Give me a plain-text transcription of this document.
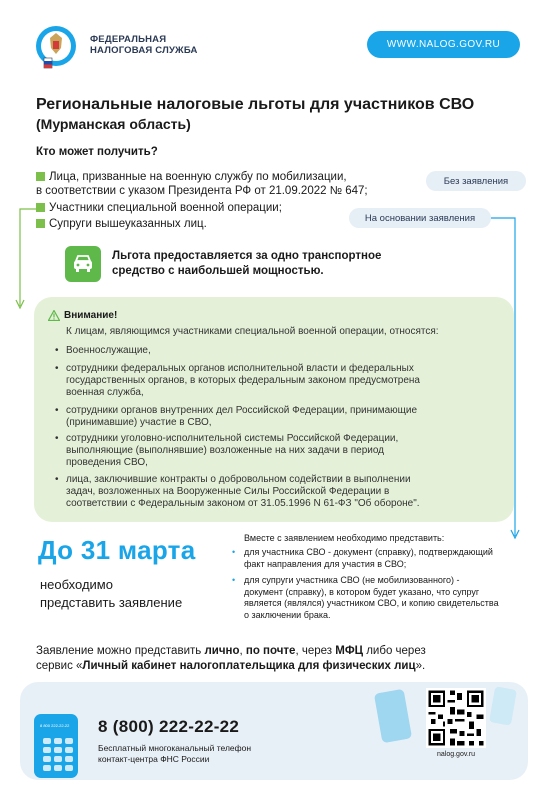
ФЕДЕРАЛЬНАЯ
НАЛОГОВАЯ СЛУЖБА
WWW.NALOG.GOV.RU
Региональные налоговые льготы для участников СВО
(Мурманская область)
Кто может получить?
Лица, призванные на военную службу по мобилизации,
в соответствии с указом Президента РФ от 21.09.2022 № 647;
Участники специальной военной операции;
Супруги вышеуказанных лиц.
Без заявления
На основании заявления
Льгота предоставляется за одно транспортное
средство с наибольшей мощностью.
Внимание!
К лицам, являющимся участниками специальной военной операции, относятся:
• Военнослужащие,
• сотрудники федеральных органов исполнительной власти и федеральных
государственных органов, в которых федеральным законом предусмотрена
военная служба,
• сотрудники органов внутренних дел Российской Федерации, принимающие
(принимавшие) участие в СВО,
• сотрудники уголовно-исполнительной системы Российской Федерации,
выполняющие (выполнявшие) возложенные на них задачи в период
проведения СВО,
• лица, заключившие контракты о добровольном содействии в выполнении
задач, возложенных на Вооруженные Силы Российской Федерации в
соответствии с Федеральным законом от 31.05.1996 N 61-ФЗ "Об обороне".
До 31 марта
необходимо
представить заявление
Вместе с заявлением необходимо представить:
• для участника СВО - документ (справку), подтверждающий
факт направления для участия в СВО;
• для супруги участника СВО (не мобилизованного) -
документ (справку), в котором будет указано, что супруг
является (являлся) участником СВО, и копию свидетельства
о заключении брака.
Заявление можно представить лично, по почте, через МФЦ либо через
сервис «Личный кабинет налогоплательщика для физических лиц».
8 800 222-22-22 8 (800) 222-22-22
Бесплатный многоканальный телефон
контакт-центра ФНС России	nalog.gov.ru
